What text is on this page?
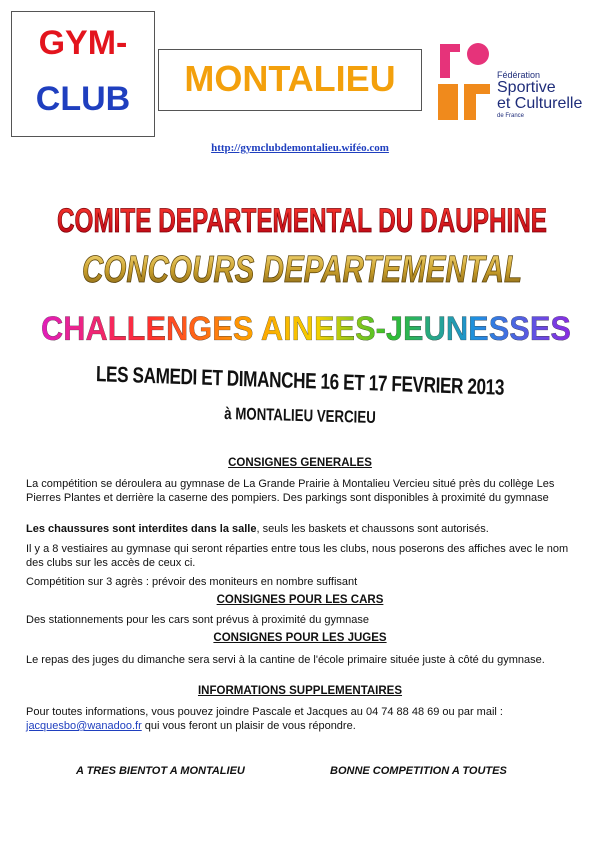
GYM-
CLUB	MONTALIEU	Fédération
Sportive
et Culturelle
de France
http://gymclubdemontalieu.wiféo.com
COMITE DEPARTEMENTAL DU DAUPHINE
CONCOURS DEPARTEMENTAL
CHALLENGES AINEES-JEUNESSES
LES SAMEDI ET DIMANCHE 16 ET 17 FEVRIER 2013
à MONTALIEU VERCIEU
CONSIGNES GENERALES
La compétition se déroulera au gymnase de La Grande Prairie à Montalieu Vercieu situé près du collège Les Pierres Plantes et derrière la caserne des pompiers. Des parkings sont disponibles à proximité du gymnase
Les chaussures sont interdites dans la salle, seuls les baskets et chaussons sont autorisés.
Il y a 8 vestiaires au gymnase qui seront réparties entre tous les clubs, nous poserons des affiches avec le nom des clubs sur les accès de ceux ci.
Compétition sur 3 agrès : prévoir des moniteurs en nombre suffisant
CONSIGNES POUR LES CARS
Des stationnements pour les cars sont prévus à proximité du gymnase
CONSIGNES POUR LES JUGES
Le repas des juges du dimanche sera servi à la cantine de l'école primaire située juste à côté du gymnase.
INFORMATIONS SUPPLEMENTAIRES
Pour toutes informations, vous pouvez joindre Pascale et Jacques au 04 74 88 48 69 ou par mail :
jacquesbo@wanadoo.fr qui vous feront un plaisir de vous répondre.
A TRES BIENTOT A MONTALIEU	BONNE COMPETITION A TOUTES
